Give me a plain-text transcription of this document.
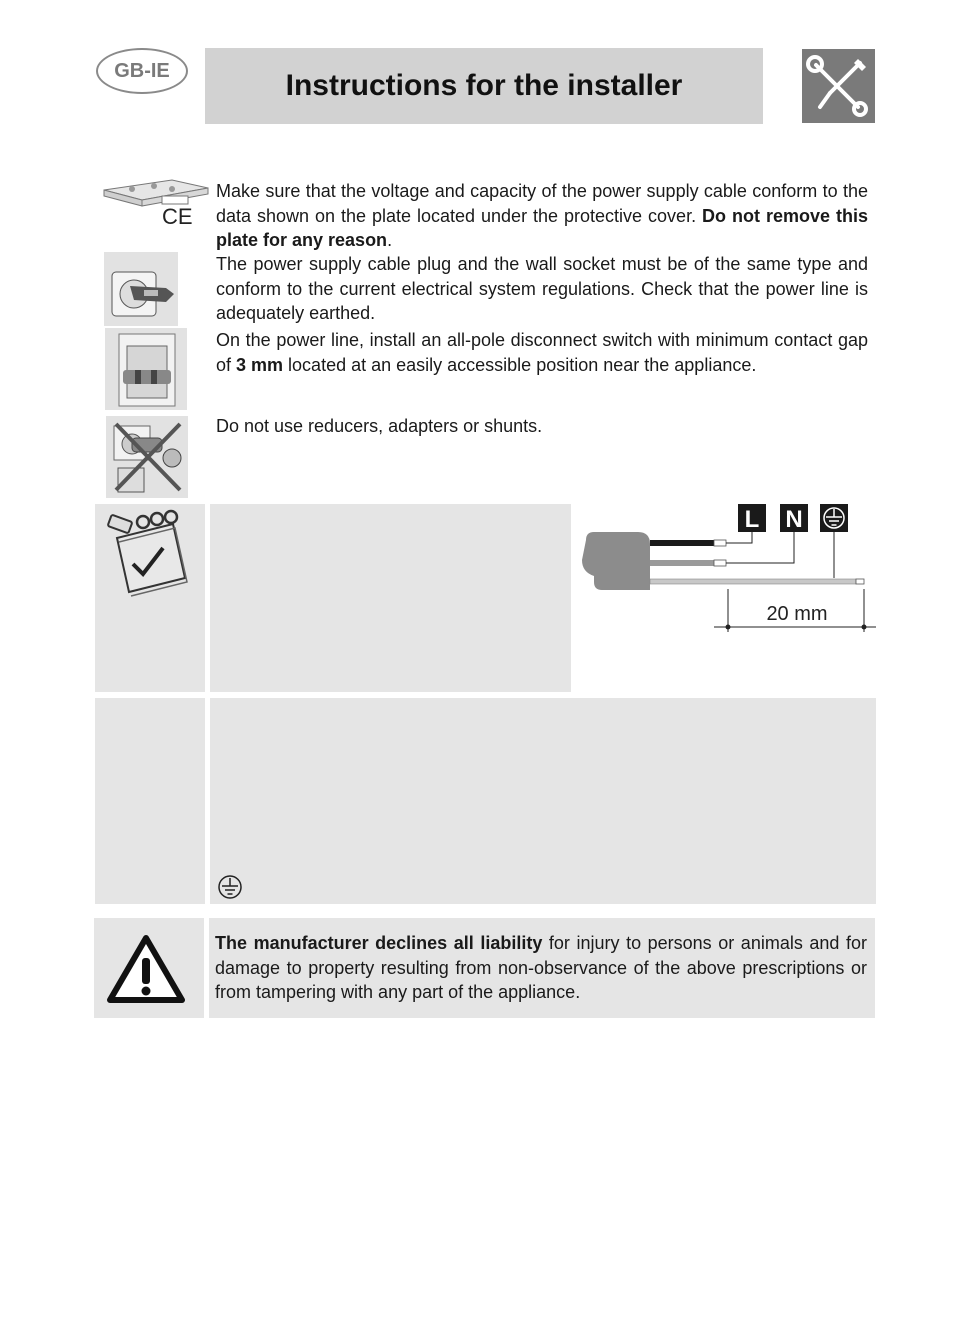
GB-IE	Instructions for the installer
CE

Make sure that the voltage and capacity of the power supply cable conform to the data shown on the plate located under the protective cover. Do not remove this plate for any reason.

The power supply cable plug and the wall socket must be of the same type and conform to the current electrical system regulations. Check that the power line is adequately earthed.

On the power line, install an all-pole disconnect switch with minimum contact gap of 3 mm located at an easily accessible position near the appliance.

Do not use reducers, adapters or shunts.

L N
20 mm

The manufacturer declines all liability for injury to persons or animals and for damage to property resulting from non-observance of the above prescriptions or from tampering with any part of the appliance.
